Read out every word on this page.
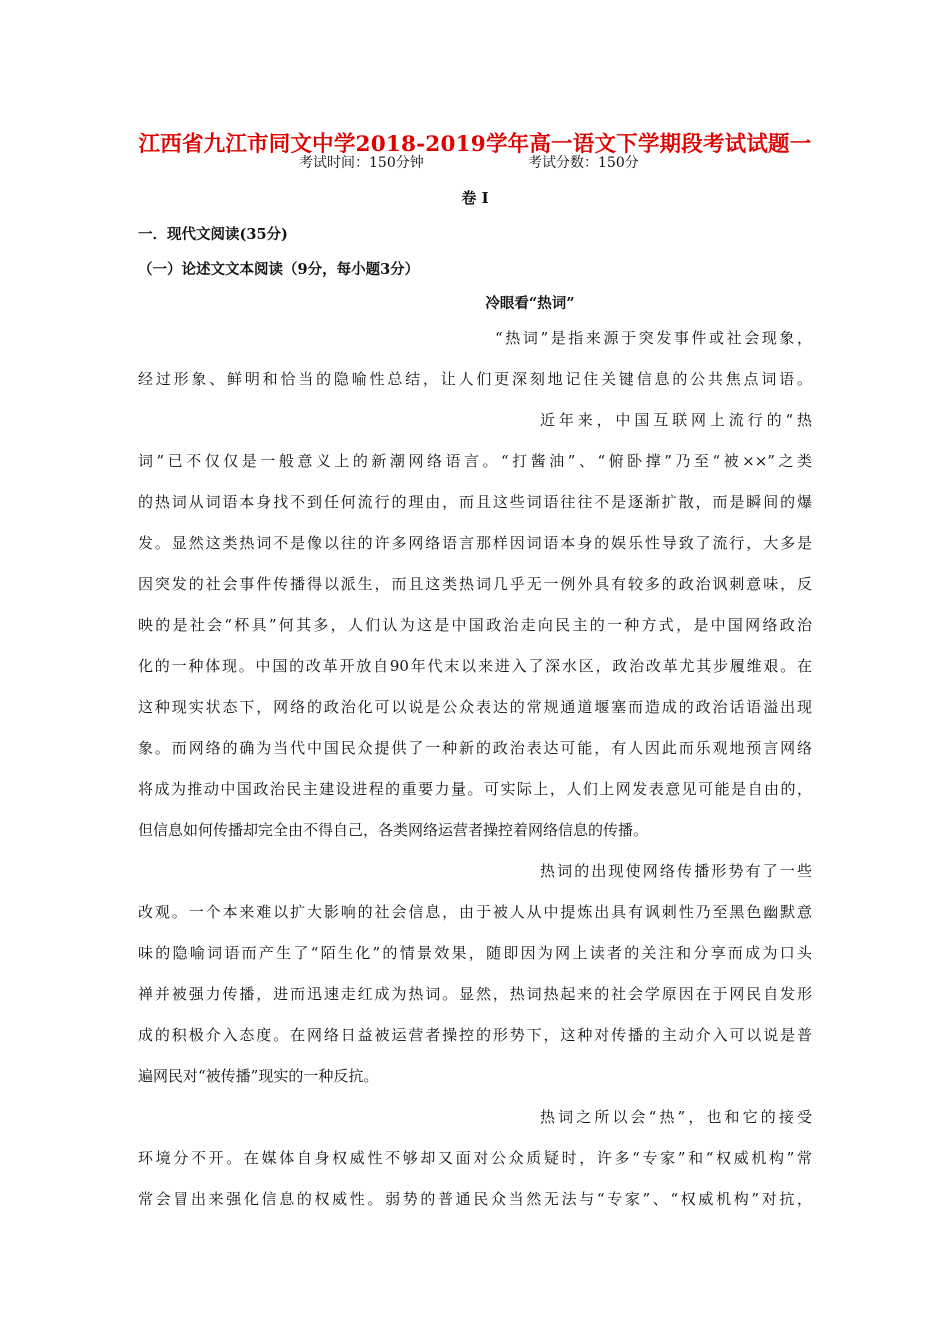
江西省九江市同文中学2018-2019学年高一语文下学期段考试试题一
考试时间：150分钟	考试分数：150分
卷 Ⅰ
一．现代文阅读(35分)
（一）论述文文本阅读（9分，每小题3分）
冷眼看“热词”
“热词”是指来源于突发事件或社会现象，
经过形象、鲜明和恰当的隐喻性总结，让人们更深刻地记住关键信息的公共焦点词语。
近年来，中国互联网上流行的“热
词”已不仅仅是一般意义上的新潮网络语言。“打酱油”、“俯卧撑”乃至“被××”之类
的热词从词语本身找不到任何流行的理由，而且这些词语往往不是逐渐扩散，而是瞬间的爆
发。显然这类热词不是像以往的许多网络语言那样因词语本身的娱乐性导致了流行，大多是
因突发的社会事件传播得以派生，而且这类热词几乎无一例外具有较多的政治讽刺意味，反
映的是社会“杯具”何其多，人们认为这是中国政治走向民主的一种方式，是中国网络政治
化的一种体现。中国的改革开放自90年代末以来进入了深水区，政治改革尤其步履维艰。在
这种现实状态下，网络的政治化可以说是公众表达的常规通道堰塞而造成的政治话语溢出现
象。而网络的确为当代中国民众提供了一种新的政治表达可能，有人因此而乐观地预言网络
将成为推动中国政治民主建设进程的重要力量。可实际上，人们上网发表意见可能是自由的，
但信息如何传播却完全由不得自己，各类网络运营者操控着网络信息的传播。
热词的出现使网络传播形势有了一些
改观。一个本来难以扩大影响的社会信息，由于被人从中提炼出具有讽刺性乃至黑色幽默意
味的隐喻词语而产生了“陌生化”的情景效果，随即因为网上读者的关注和分享而成为口头
禅并被强力传播，进而迅速走红成为热词。显然，热词热起来的社会学原因在于网民自发形
成的积极介入态度。在网络日益被运营者操控的形势下，这种对传播的主动介入可以说是普
遍网民对“被传播”现实的一种反抗。
热词之所以会“热”，也和它的接受
环境分不开。在媒体自身权威性不够却又面对公众质疑时，许多“专家”和“权威机构”常
常会冒出来强化信息的权威性。弱势的普通民众当然无法与“专家”、“权威机构”对抗，
